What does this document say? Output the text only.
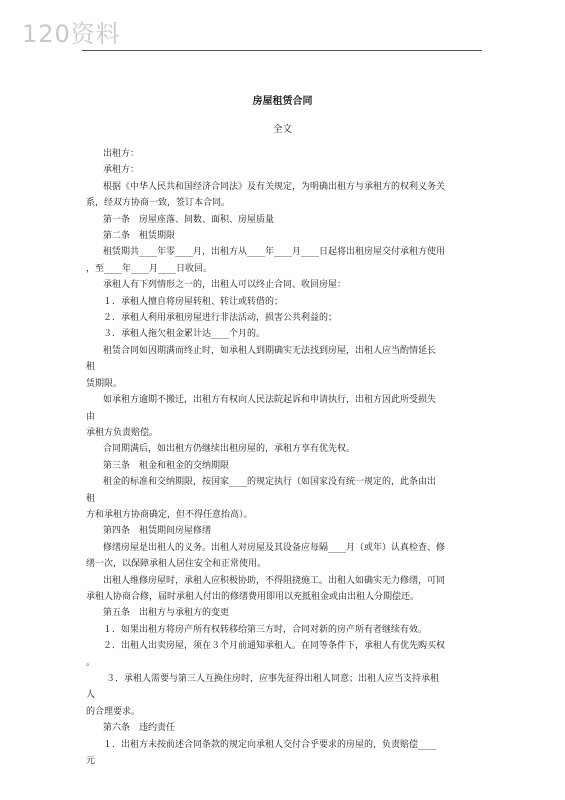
120资料
房屋租赁合同
全文

出租方：

承租方：

根据《中华人民共和国经济合同法》及有关规定，为明确出租方与承租方的权利义务关

系，经双方协商一致，签订本合同。

第一条　房屋座落、间数、面积、房屋质量

第二条　租赁期限

租赁期共____年零____月，出租方从____年____月____日起将出租房屋交付承租方使用

，至____年____月____日收回。

承租人有下列情形之一的，出租人可以终止合同、收回房屋：

１．承租人擅自将房屋转租、转让或转借的；

２．承租人利用承租房屋进行非法活动，损害公共利益的；

３．承租人拖欠租金累计达____个月的。

租赁合同如因期满而终止时，如承租人到期确实无法找到房屋，出租人应当酌情延长

租

赁期限。

如承租方逾期不搬迁，出租方有权向人民法院起诉和申请执行，出租方因此所受损失

由

承租方负责赔偿。

合同期满后，如出租方仍继续出租房屋的，承租方享有优先权。

第三条　租金和租金的交纳期限

租金的标准和交纳期限，按国家____的规定执行（如国家没有统一规定的，此条由出

租

方和承租方协商确定，但不得任意抬高）。

第四条　租赁期间房屋修缮

修缮房屋是出租人的义务。出租人对房屋及其设备应每隔____月（或年）认真检查、修

缮一次，以保障承租人居住安全和正常使用。

出租人维修房屋时，承租人应积极协助，不得阻挠施工。出租人如确实无力修缮，可同

承租人协商合修，届时承租人付出的修缮费用即用以充抵租金或由出租人分期偿还。

第五条　出租方与承租方的变更

１．如果出租方将房产所有权转移给第三方时，合同对新的房产所有者继续有效。

２．出租人出卖房屋，须在３个月前通知承租人。在同等条件下，承租人有优先购买权

。

３．承租人需要与第三人互换住房时，应事先征得出租人同意；出租人应当支持承租

人

的合理要求。

第六条　违约责任

１．出租方未按前述合同条款的规定向承租人交付合乎要求的房屋的，负责赔偿____

元
